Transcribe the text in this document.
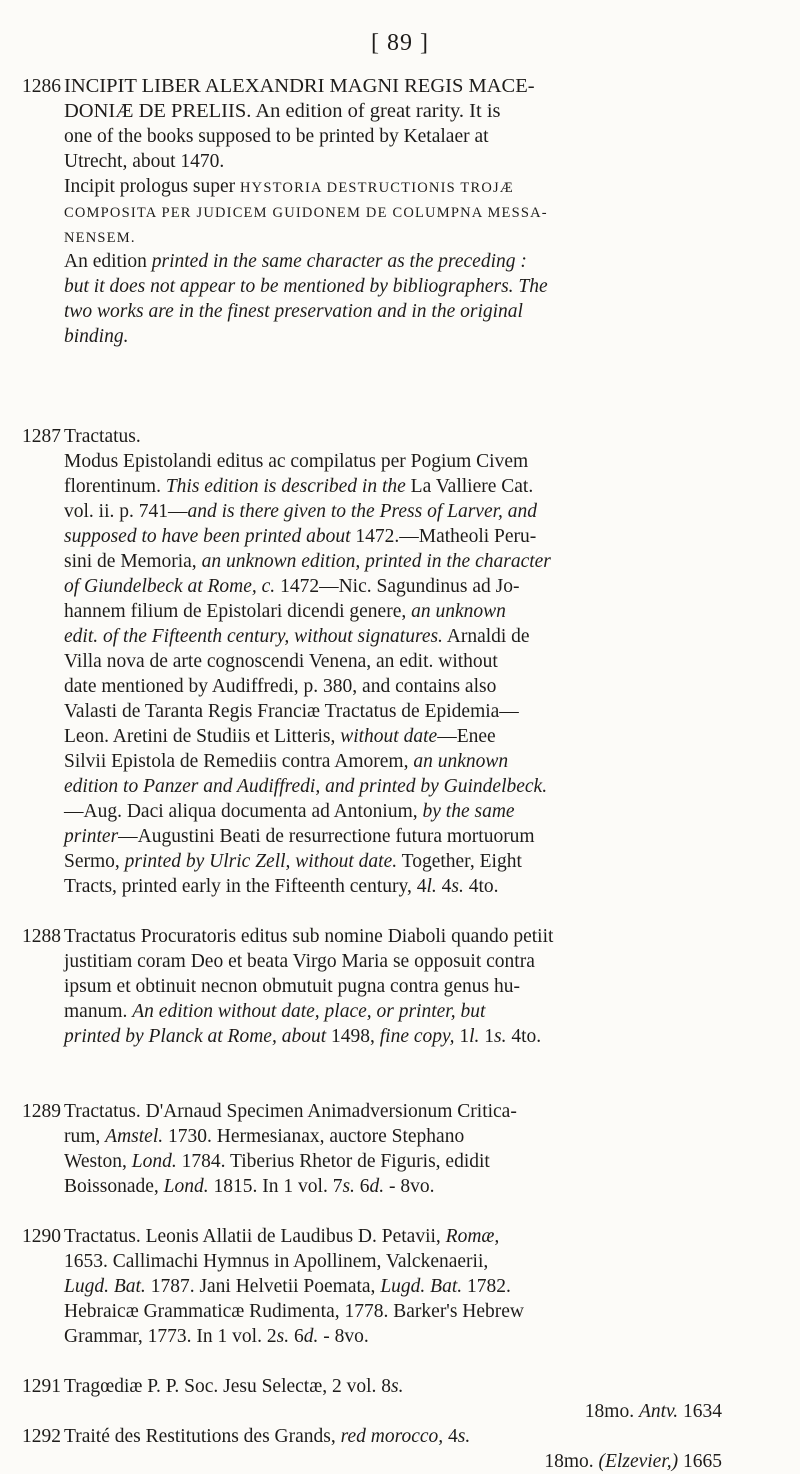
[ 89 ]
1286 INCIPIT LIBER ALEXANDRI MAGNI REGIS MACE-
DONIÆ DE PRELIIS. An edition of great rarity. It is
one of the books supposed to be printed by Ketalaer at
Utrecht, about 1470.
Incipit prologus super HYSTORIA DESTRUCTIONIS TROJÆ
COMPOSITA PER JUDICEM GUIDONEM DE COLUMPNA MESSA-
NENSEM.
An edition printed in the same character as the preceding :
but it does not appear to be mentioned by bibliographers. The
two works are in the finest preservation and in the original
binding.
1287 Tractatus.
Modus Epistolandi editus ac compilatus per Pogium Civem
florentinum. This edition is described in the La Valliere Cat.
vol. ii. p. 741—and is there given to the Press of Larver, and
supposed to have been printed about 1472.—Matheoli Peru-
sini de Memoria, an unknown edition, printed in the character
of Giundelbeck at Rome, c. 1472—Nic. Sagundinus ad Jo-
hannem filium de Epistolari dicendi genere, an unknown
edit. of the Fifteenth century, without signatures. Arnaldi de
Villa nova de arte cognoscendi Venena, an edit. without
date mentioned by Audiffredi, p. 380, and contains also
Valasti de Taranta Regis Franciæ Tractatus de Epidemia—
Leon. Aretini de Studiis et Litteris, without date—Enee
Silvii Epistola de Remediis contra Amorem, an unknown
edition to Panzer and Audiffredi, and printed by Guindelbeck.
—Aug. Daci aliqua documenta ad Antonium, by the same
printer—Augustini Beati de resurrectione futura mortuorum
Sermo, printed by Ulric Zell, without date. Together, Eight
Tracts, printed early in the Fifteenth century, 4l. 4s. 4to.
1288 Tractatus Procuratoris editus sub nomine Diaboli quando petiit
justitiam coram Deo et beata Virgo Maria se opposuit contra
ipsum et obtinuit necnon obmutuit pugna contra genus hu-
manum. An edition without date, place, or printer, but
printed by Planck at Rome, about 1498, fine copy, 1l. 1s. 4to.
1289 Tractatus. D'Arnaud Specimen Animadversionum Critica-
rum, Amstel. 1730. Hermesianax, auctore Stephano
Weston, Lond. 1784. Tiberius Rhetor de Figuris, edidit
Boissonade, Lond. 1815. In 1 vol. 7s. 6d. - 8vo.
1290 Tractatus. Leonis Allatii de Laudibus D. Petavii, Romæ,
1653. Callimachi Hymnus in Apollinem, Valckenaerii,
Lugd. Bat. 1787. Jani Helvetii Poemata, Lugd. Bat. 1782.
Hebraicæ Grammaticæ Rudimenta, 1778. Barker's Hebrew
Grammar, 1773. In 1 vol. 2s. 6d. - 8vo.
1291 Tragœdiæ P. P. Soc. Jesu Selectæ, 2 vol. 8s.
18mo. Antv. 1634
1292 Traité des Restitutions des Grands, red morocco, 4s.
18mo. (Elzevier,) 1665
